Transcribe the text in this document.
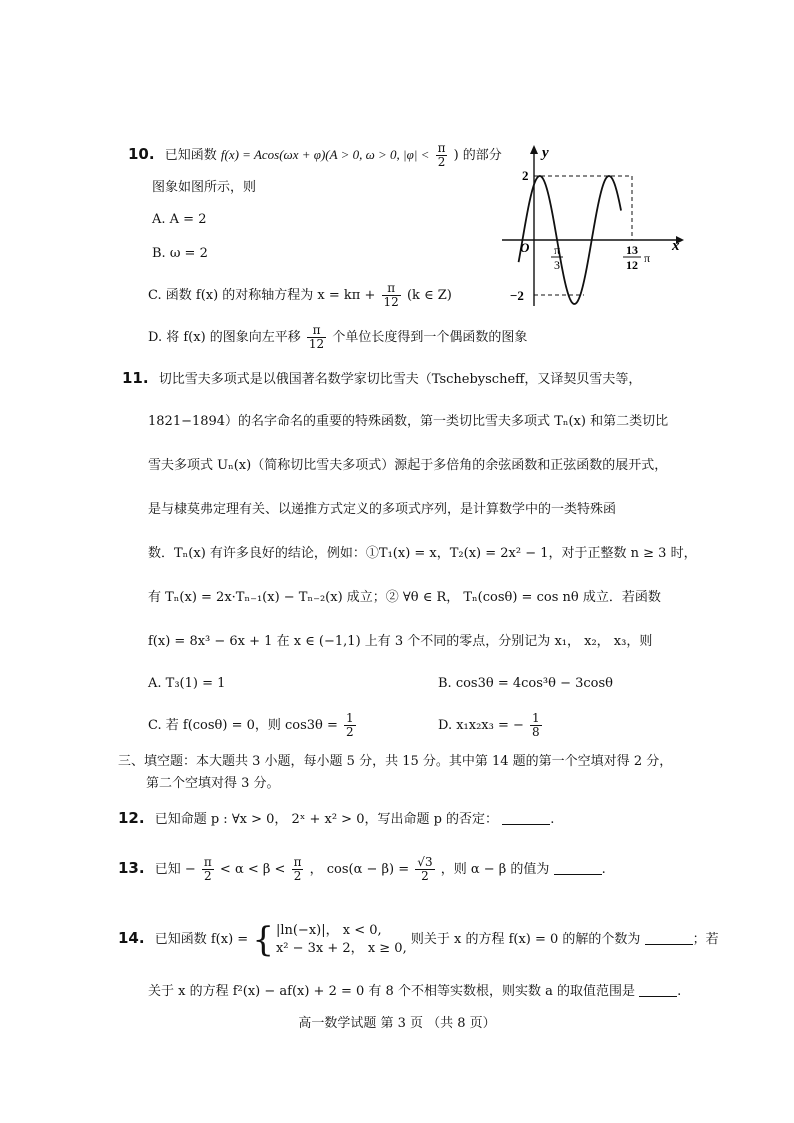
10. 已知函数 f(x) = Acos(ωx + φ)(A > 0, ω > 0, $|\varphi| < \frac{\pi}{2}$ ) 的部分
图象如图所示，则
A. A = 2
B. ω = 2
C. 函数 f(x) 的对称轴方程为 $x = k\pi + \frac{\pi}{12} (k$ ∈ Z)
D. 将 f(x) 的图象向左平移 $\frac{\pi}{12}$ 个单位长度得到一个偶函数的图象
y
x
O
2
−2
π
3
13
12 π
11. 切比雪夫多项式是以俄国著名数学家切比雪夫（Tschebyscheff，又译契贝雪夫等，
1821−1894）的名字命名的重要的特殊函数，第一类切比雪夫多项式 Tₙ(x) 和第二类切比
雪夫多项式 Uₙ(x)（简称切比雪夫多项式）源起于多倍角的余弦函数和正弦函数的展开式，
是与棣莫弗定理有关、以递推方式定义的多项式序列，是计算数学中的一类特殊函
数．Tₙ(x) 有许多良好的结论，例如：①T₁(x) = x，T₂(x) = 2x² − 1，对于正整数 n ≥ 3 时，
有 Tₙ(x) = 2x·Tₙ₋₁(x) − Tₙ₋₂(x) 成立；② ∀θ ∈ R， Tₙ(cosθ) = cos nθ 成立．若函数
f(x) = 8x³ − 6x + 1 在 x ∈ (−1,1) 上有 3 个不同的零点，分别记为 x₁， x₂， x₃，则
A. T₃(1) = 1	B. cos3θ = 4cos³θ − 3cosθ
C. 若 f(cosθ) = 0，则 $\cos 3\theta = \frac{1}{2}$	D. x₁x₂x₃ = − $\frac{1}{8}$
三、填空题：本大题共 3 小题，每小题 5 分，共 15 分。其中第 14 题的第一个空填对得 2 分，
第二个空填对得 3 分。
12. 已知命题 p : ∀x > 0， 2ˣ + x² > 0，写出命题 p 的否定：	.
13. 已知 − $\frac{\pi}{2} < \alpha < \beta < \frac{\pi}{2}$ ， $\cos(\alpha - \beta) = \frac{√3}{2}$ ，则 α − β 的值为	.
14. 已知函数 f(x) = { |ln(−x)|， x < 0,
x² − 3x + 2， x ≥ 0,
则关于 x 的方程 f(x) = 0 的解的个数为	；若
关于 x 的方程 f²(x) − af(x) + 2 = 0 有 8 个不相等实数根，则实数 a 的取值范围是	.
高一数学试题 第 3 页 （共 8 页）
